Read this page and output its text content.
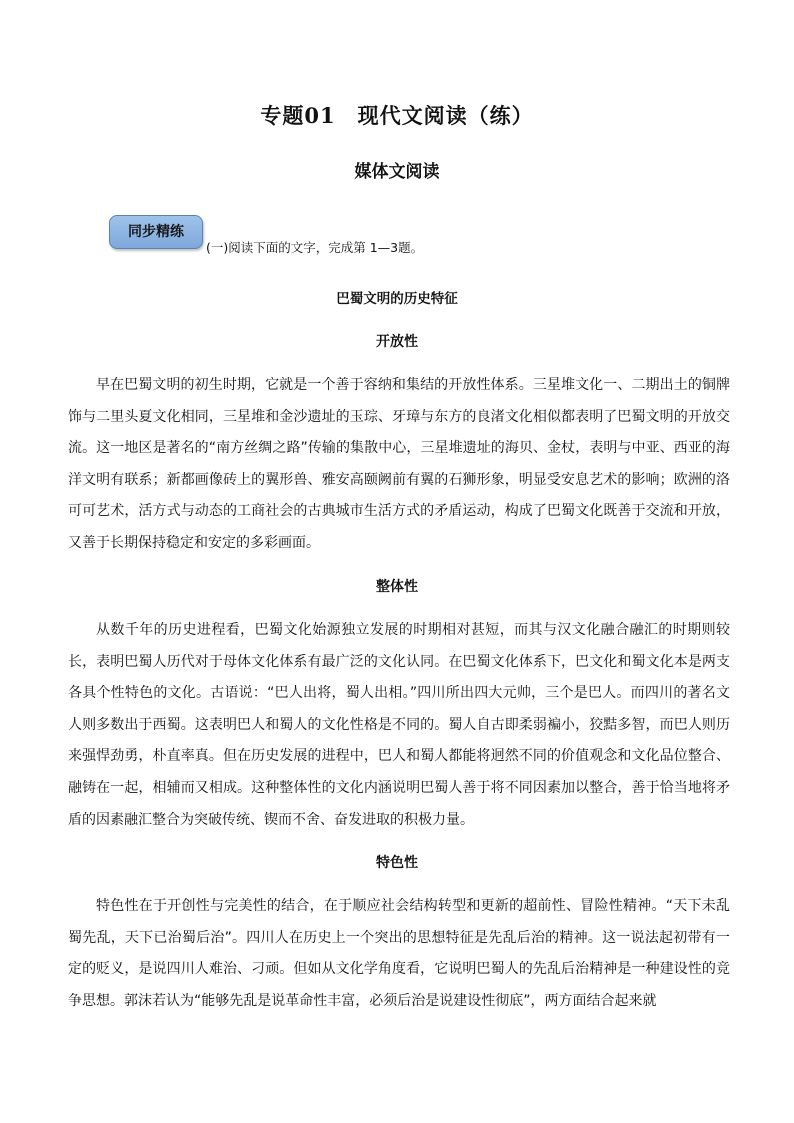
专题01　现代文阅读（练）
媒体文阅读
同步精练
(一)阅读下面的文字，完成第 1—3题。
巴蜀文明的历史特征
开放性

早在巴蜀文明的初生时期，它就是一个善于容纳和集结的开放性体系。三星堆文化一、二期出土的铜牌饰与二里头夏文化相同，三星堆和金沙遗址的玉琮、牙璋与东方的良渚文化相似都表明了巴蜀文明的开放交流。这一地区是著名的“南方丝绸之路”传输的集散中心，三星堆遗址的海贝、金杖，表明与中亚、西亚的海洋文明有联系；新都画像砖上的翼形兽、雅安高颐阙前有翼的石狮形象，明显受安息艺术的影响；欧洲的洛可可艺术，活方式与动态的工商社会的古典城市生活方式的矛盾运动，构成了巴蜀文化既善于交流和开放，又善于长期保持稳定和安定的多彩画面。

整体性

从数千年的历史进程看，巴蜀文化始源独立发展的时期相对甚短，而其与汉文化融合融汇的时期则较长，表明巴蜀人历代对于母体文化体系有最广泛的文化认同。在巴蜀文化体系下，巴文化和蜀文化本是两支各具个性特色的文化。古语说：“巴人出将，蜀人出相。”四川所出四大元帅，三个是巴人。而四川的著名文人则多数出于西蜀。这表明巴人和蜀人的文化性格是不同的。蜀人自古即柔弱褊小，狡黠多智，而巴人则历来强悍劲勇，朴直率真。但在历史发展的进程中，巴人和蜀人都能将迥然不同的价值观念和文化品位整合、融铸在一起，相辅而又相成。这种整体性的文化内涵说明巴蜀人善于将不同因素加以整合，善于恰当地将矛盾的因素融汇整合为突破传统、锲而不舍、奋发进取的积极力量。

特色性

特色性在于开创性与完美性的结合，在于顺应社会结构转型和更新的超前性、冒险性精神。“天下未乱蜀先乱，天下已治蜀后治”。四川人在历史上一个突出的思想特征是先乱后治的精神。这一说法起初带有一定的贬义，是说四川人难治、刁顽。但如从文化学角度看，它说明巴蜀人的先乱后治精神是一种建设性的竞争思想。郭沫若认为“能够先乱是说革命性丰富，必须后治是说建设性彻底”，两方面结合起来就
